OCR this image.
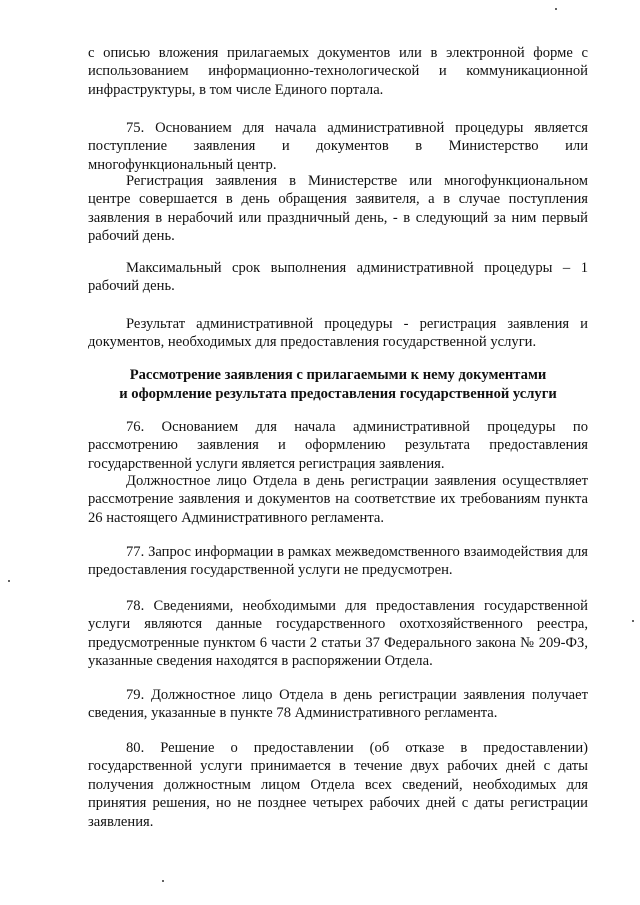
с описью вложения прилагаемых документов или в электронной форме с использованием информационно-технологической и коммуникационной инфраструктуры, в том числе Единого портала.

75. Основанием для начала административной процедуры является поступление заявления и документов в Министерство или многофункциональный центр.

Регистрация заявления в Министерстве или многофункциональном центре совершается в день обращения заявителя, а в случае поступления заявления в нерабочий или праздничный день, - в следующий за ним первый рабочий день.

Максимальный срок выполнения административной процедуры – 1 рабочий день.

Результат административной процедуры - регистрация заявления и документов, необходимых для предоставления государственной услуги.

Рассмотрение заявления с прилагаемыми к нему документами
и оформление результата предоставления государственной услуги

76. Основанием для начала административной процедуры по рассмотрению заявления и оформлению результата предоставления государственной услуги является регистрация заявления.

Должностное лицо Отдела в день регистрации заявления осуществляет рассмотрение заявления и документов на соответствие их требованиям пункта 26 настоящего Административного регламента.

77. Запрос информации в рамках межведомственного взаимодействия для предоставления государственной услуги не предусмотрен.

78. Сведениями, необходимыми для предоставления государственной услуги являются данные государственного охотхозяйственного реестра, предусмотренные пунктом 6 части 2 статьи 37 Федерального закона № 209-ФЗ, указанные сведения находятся в распоряжении Отдела.

79. Должностное лицо Отдела в день регистрации заявления получает сведения, указанные в пункте 78 Административного регламента.

80. Решение о предоставлении (об отказе в предоставлении) государственной услуги принимается в течение двух рабочих дней с даты получения должностным лицом Отдела всех сведений, необходимых для принятия решения, но не позднее четырех рабочих дней с даты регистрации заявления.
